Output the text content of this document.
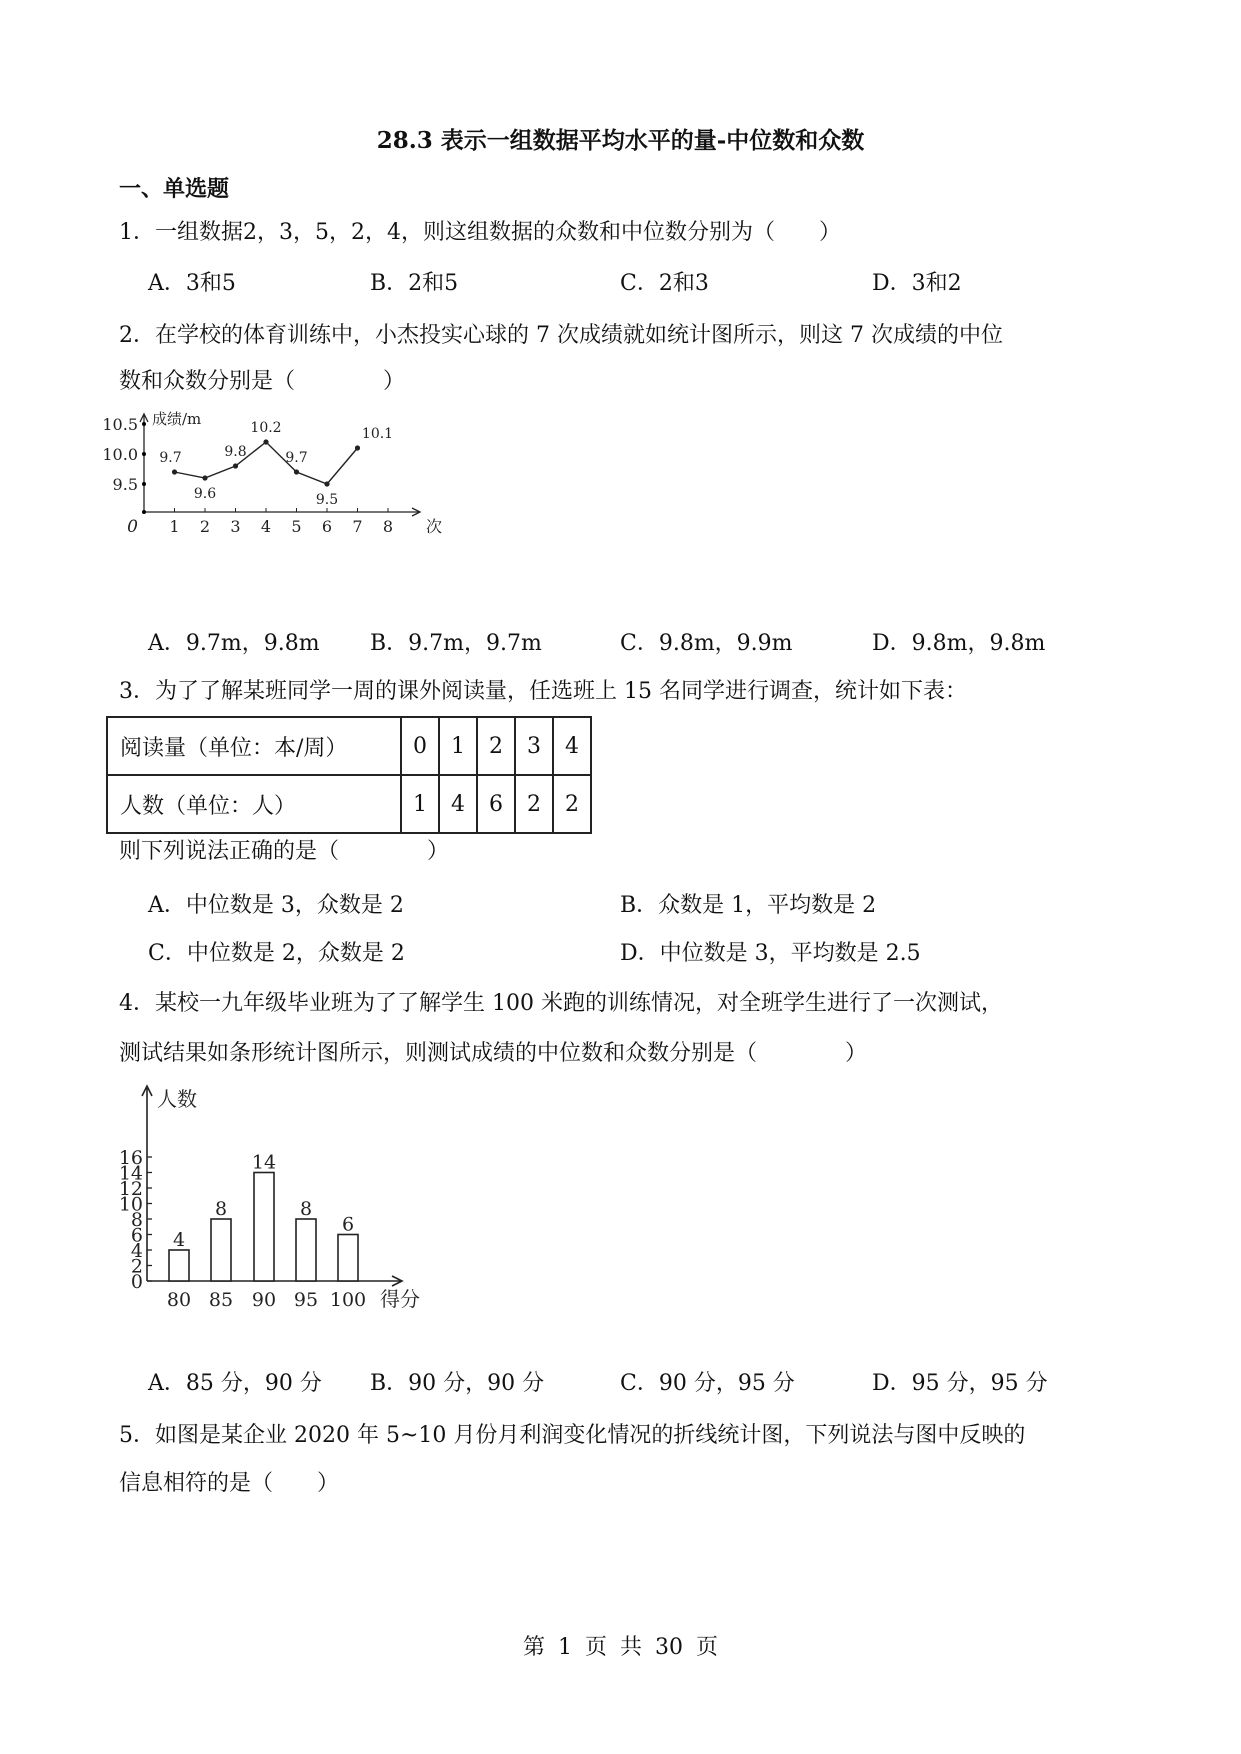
28.3 表示一组数据平均水平的量-中位数和众数
一、单选题
1．一组数据2，3，5，2，4，则这组数据的众数和中位数分别为（　　）
A．3和5	B．2和5	C．2和3	D．3和2
2．在学校的体育训练中，小杰投实心球的 7 次成绩就如统计图所示，则这 7 次成绩的中位
数和众数分别是（　　　　）
成绩/m
次
0 1 2 3 4 5 6 7 8
9.5
10.0
10.5
9.7
9.6
9.8
10.2
9.7
9.5
10.1
A．9.7m，9.8m B．9.7m，9.7m	C．9.8m，9.9m	D．9.8m，9.8m
3．为了了解某班同学一周的课外阅读量，任选班上 15 名同学进行调查，统计如下表：
阅读量（单位：本/周）	0	1	2	3	4
人数（单位：人）	1	4	6	2	2
则下列说法正确的是（　　　　）
A．中位数是 3，众数是 2	B．众数是 1，平均数是 2
C．中位数是 2，众数是 2	D．中位数是 3，平均数是 2.5
4．某校一九年级毕业班为了了解学生 100 米跑的训练情况，对全班学生进行了一次测试，
测试结果如条形统计图所示，则测试成绩的中位数和众数分别是（　　　　）
人数
得分
0
2
4
6
8
10
12
14
16
4
80
8
85
14
90
8
95
6
100
A．85 分，90 分 B．90 分，90 分	C．90 分，95 分	D．95 分，95 分
5．如图是某企业 2020 年 5~10 月份月利润变化情况的折线统计图，下列说法与图中反映的
信息相符的是（　　）
第 1 页 共 30 页
